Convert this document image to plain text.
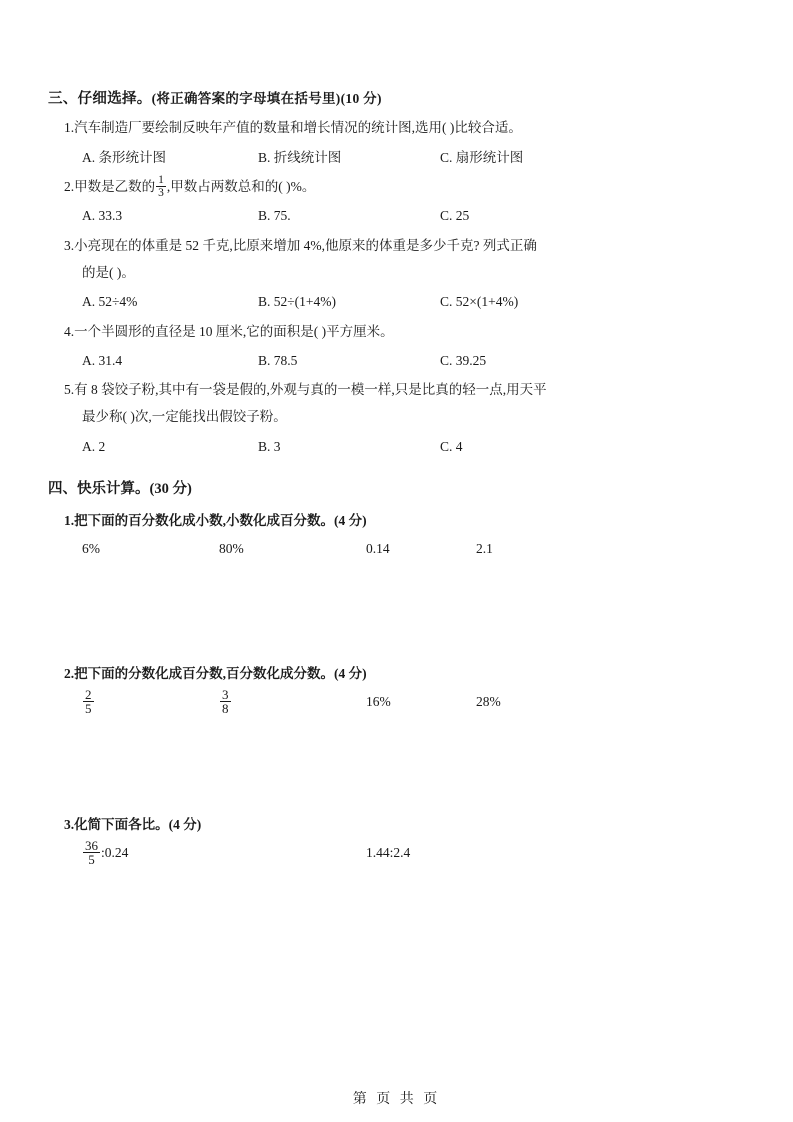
三、仔细选择。(将正确答案的字母填在括号里)(10 分)
1.汽车制造厂要绘制反映年产值的数量和增长情况的统计图,选用( )比较合适。
A. 条形统计图	B. 折线统计图	C. 扇形统计图
2.甲数是乙数的 $\frac{1}{3}$ ,甲数占两数总和的( )%。
A. 33.3	B. 75.	C. 25
3.小亮现在的体重是 52 千克,比原来增加 4%,他原来的体重是多少千克? 列式正确
的是( )。
A. 52÷4%	B. 52÷(1+4%)	C. 52×(1+4%)
4.一个半圆形的直径是 10 厘米,它的面积是( )平方厘米。
A. 31.4	B. 78.5	C. 39.25
5.有 8 袋饺子粉,其中有一袋是假的,外观与真的一模一样,只是比真的轻一点,用天平
最少称( )次,一定能找出假饺子粉。
A. 2	B. 3	C. 4
四、快乐计算。(30 分)
1.把下面的百分数化成小数,小数化成百分数。(4 分)
6%	80%	0.14	2.1
2.把下面的分数化成百分数,百分数化成分数。(4 分)
$\frac{2}{5}$	$\frac{3}{8}$	16%	28%
3.化简下面各比。(4 分)
$\frac{36}{5}$ :0.24	1.44:2.4
第 页 共 页
